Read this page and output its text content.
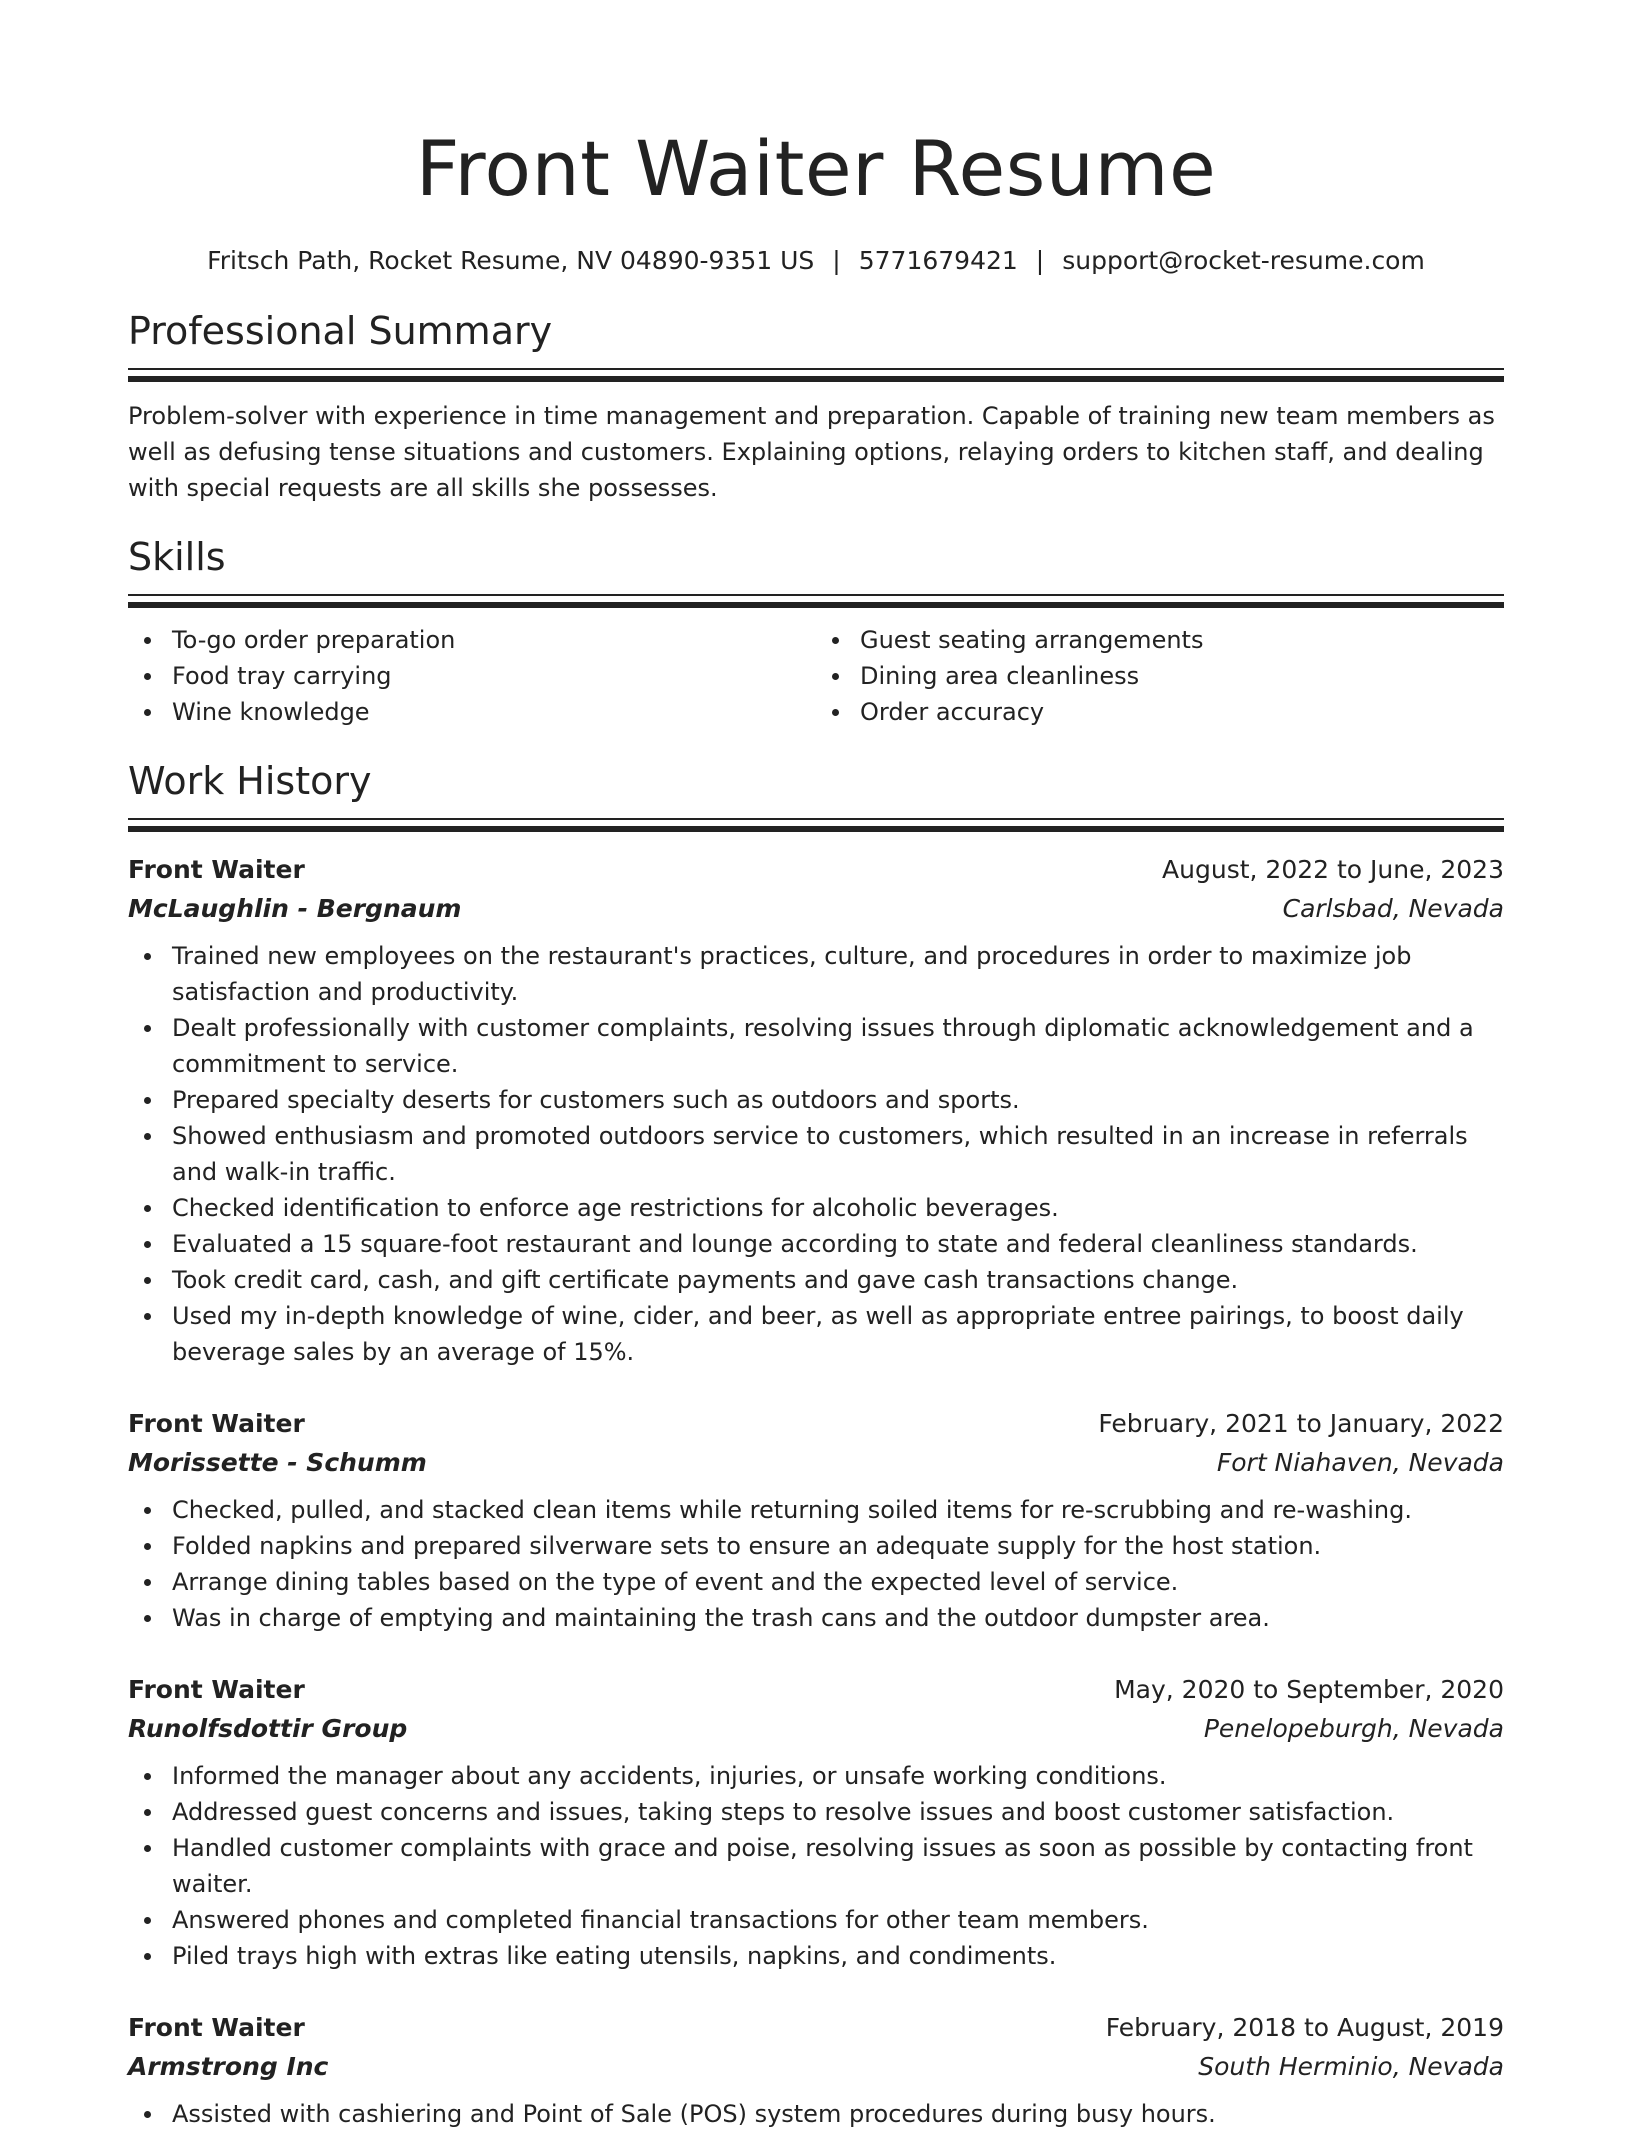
Front Waiter Resume
Fritsch Path, Rocket Resume, NV 04890-9351 US | 5771679421 | support@rocket-resume.com
Professional Summary

Problem-solver with experience in time management and preparation. Capable of training new team members as well as defusing tense situations and customers. Explaining options, relaying orders to kitchen staff, and dealing with special requests are all skills she possesses.

Skills
To-go order preparation
Food tray carrying
Wine knowledge
Guest seating arrangements
Dining area cleanliness
Order accuracy
Work History
Front Waiter	August, 2022 to June, 2023
McLaughlin - Bergnaum	Carlsbad, Nevada
Trained new employees on the restaurant's practices, culture, and procedures in order to maximize job satisfaction and productivity.
Dealt professionally with customer complaints, resolving issues through diplomatic acknowledgement and a commitment to service.
Prepared specialty deserts for customers such as outdoors and sports.
Showed enthusiasm and promoted outdoors service to customers, which resulted in an increase in referrals and walk-in traffic.
Checked identification to enforce age restrictions for alcoholic beverages.
Evaluated a 15 square-foot restaurant and lounge according to state and federal cleanliness standards.
Took credit card, cash, and gift certificate payments and gave cash transactions change.
Used my in-depth knowledge of wine, cider, and beer, as well as appropriate entree pairings, to boost daily beverage sales by an average of 15%.
Front Waiter	February, 2021 to January, 2022
Morissette - Schumm	Fort Niahaven, Nevada
Checked, pulled, and stacked clean items while returning soiled items for re-scrubbing and re-washing.
Folded napkins and prepared silverware sets to ensure an adequate supply for the host station.
Arrange dining tables based on the type of event and the expected level of service.
Was in charge of emptying and maintaining the trash cans and the outdoor dumpster area.
Front Waiter	May, 2020 to September, 2020
Runolfsdottir Group	Penelopeburgh, Nevada
Informed the manager about any accidents, injuries, or unsafe working conditions.
Addressed guest concerns and issues, taking steps to resolve issues and boost customer satisfaction.
Handled customer complaints with grace and poise, resolving issues as soon as possible by contacting front waiter.
Answered phones and completed financial transactions for other team members.
Piled trays high with extras like eating utensils, napkins, and condiments.
Front Waiter	February, 2018 to August, 2019
Armstrong Inc	South Herminio, Nevada
Assisted with cashiering and Point of Sale (POS) system procedures during busy hours.
